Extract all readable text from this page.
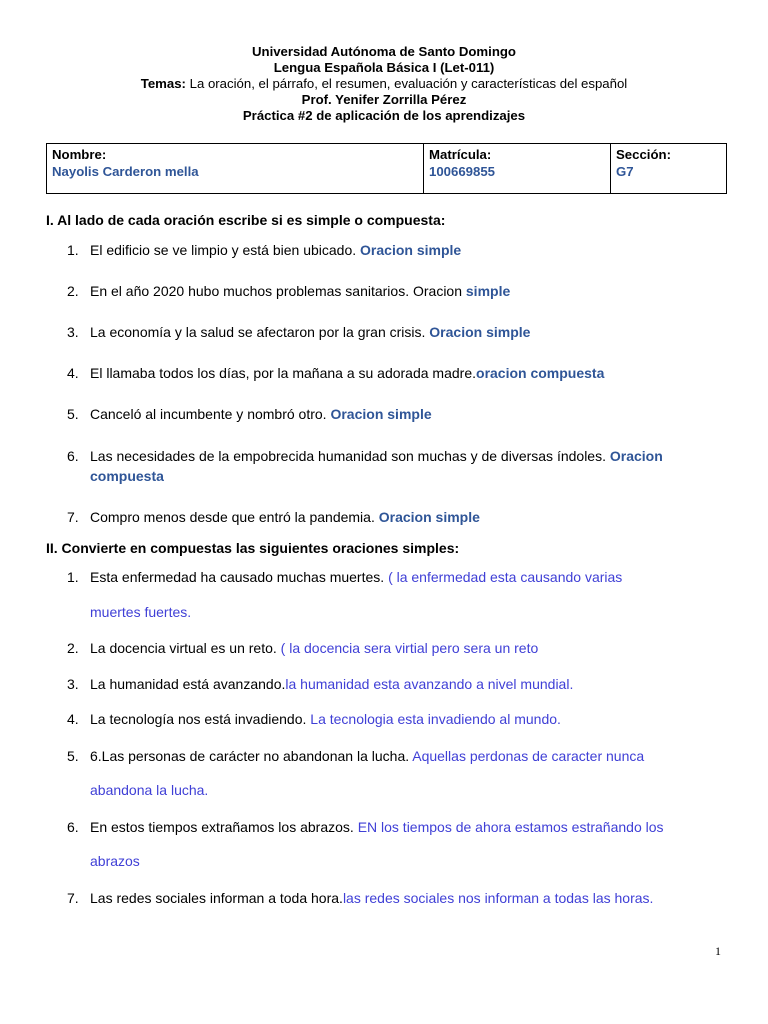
Universidad Autónoma de Santo Domingo
Lengua Española Básica I (Let-011)
Temas: La oración, el párrafo, el resumen, evaluación y características del español
Prof. Yenifer Zorrilla Pérez
Práctica #2 de aplicación de los aprendizajes
Nombre:
Nayolis Carderon mella

Matrícula:
100669855

Sección:
G7
I. Al lado de cada oración escribe si es simple o compuesta:
1. El edificio se ve limpio y está bien ubicado. Oracion simple
2. En el año 2020 hubo muchos problemas sanitarios. Oracion simple
3. La economía y la salud se afectaron por la gran crisis. Oracion simple
4. El llamaba todos los días, por la mañana a su adorada madre.oracion compuesta
5. Canceló al incumbente y nombró otro. Oracion simple
6. Las necesidades de la empobrecida humanidad son muchas y de diversas índoles. Oracion compuesta
7. Compro menos desde que entró la pandemia. Oracion simple
II. Convierte en compuestas las siguientes oraciones simples:
1. Esta enfermedad ha causado muchas muertes. ( la enfermedad esta causando varias
muertes fuertes.
2. La docencia virtual es un reto. ( la docencia sera virtial pero sera un reto
3. La humanidad está avanzando.la humanidad esta avanzando a nivel mundial.
4. La tecnología nos está invadiendo. La tecnologia esta invadiendo al mundo.
5. 6.Las personas de carácter no abandonan la lucha. Aquellas perdonas de caracter nunca
abandona la lucha.
6. En estos tiempos extrañamos los abrazos. EN los tiempos de ahora estamos estrañando los
abrazos
7. Las redes sociales informan a toda hora.las redes sociales nos informan a todas las horas.
1
